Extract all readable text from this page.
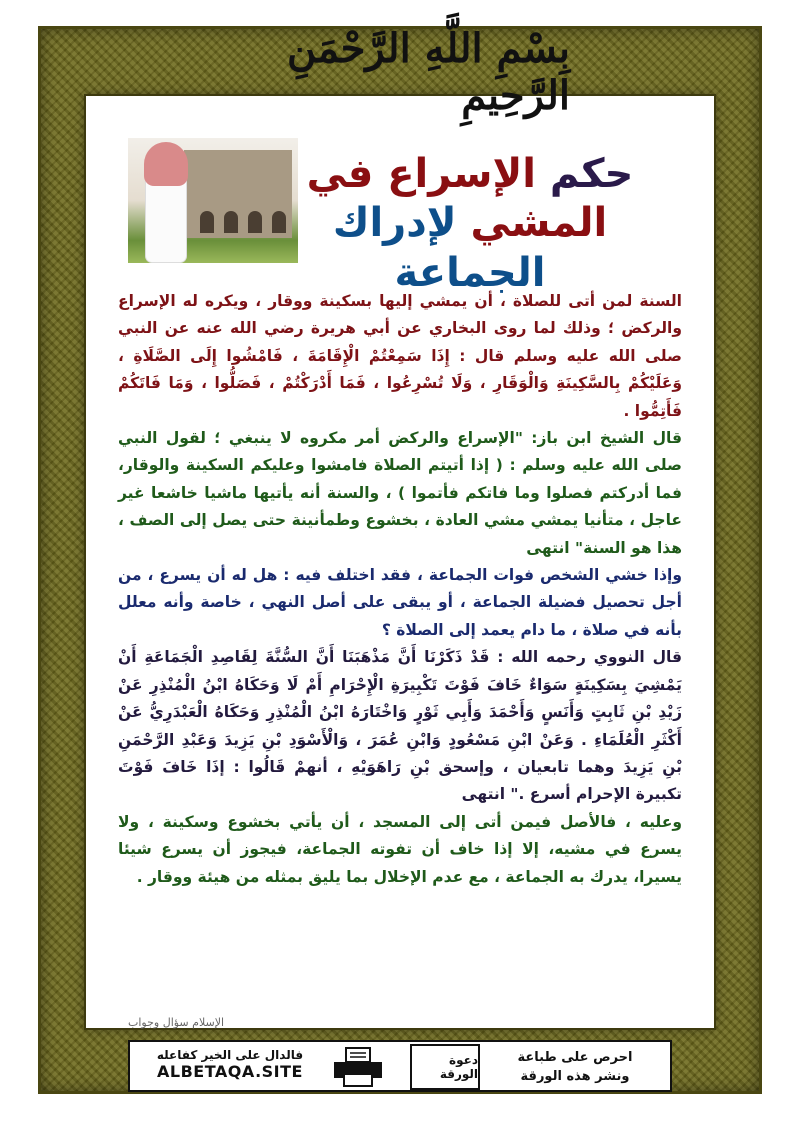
بِسْمِ اللَّهِ الرَّحْمَنِ الرَّحِيمِ
حكم الإسراع في
المشي لإدراك الجماعة

السنة لمن أتى للصلاة ، أن يمشي إليها بسكينة ووقار ، ويكره له الإسراع والركض ؛ وذلك لما روى البخاري عن أبي هريرة رضي الله عنه عن النبي صلى الله عليه وسلم قال : إِذَا سَمِعْتُمْ الْإِقَامَةَ ، فَامْشُوا إِلَى الصَّلَاةِ ، وَعَلَيْكُمْ بِالسَّكِينَةِ وَالْوَقَارِ ، وَلَا تُسْرِعُوا ، فَمَا أَدْرَكْتُمْ ، فَصَلُّوا ، وَمَا فَاتَكُمْ فَأَتِمُّوا .

قال الشيخ ابن باز: "الإسراع والركض أمر مكروه لا ينبغي ؛ لقول النبي صلى الله عليه وسلم : ( إذا أتيتم الصلاة فامشوا وعليكم السكينة والوقار، فما أدركتم فصلوا وما فاتكم فأتموا ) ، والسنة أنه يأتيها ماشيا خاشعا غير عاجل ، متأنيا يمشي مشي العادة ، بخشوع وطمأنينة حتى يصل إلى الصف ، هذا هو السنة" انتهى

وإذا خشي الشخص فوات الجماعة ، فقد اختلف فيه : هل له أن يسرع ، من أجل تحصيل فضيلة الجماعة ، أو يبقى على أصل النهي ، خاصة وأنه معلل بأنه في صلاة ، ما دام يعمد إلى الصلاة ؟

قال النووي رحمه الله : قَدْ ذَكَرْنَا أَنَّ مَذْهَبَنَا أَنَّ السُّنَّةَ لِقَاصِدِ الْجَمَاعَةِ أَنْ يَمْشِيَ بِسَكِينَةٍ سَوَاءٌ خَافَ فَوْتَ تَكْبِيرَةِ الْإِحْرَامِ أَمْ لَا وَحَكَاهُ ابْنُ الْمُنْذِرِ عَنْ زَيْدِ بْنِ ثَابِتٍ وَأَنَسٍ وَأَحْمَدَ وَأَبِي ثَوْرٍ وَاخْتَارَهُ ابْنُ الْمُنْذِرِ وَحَكَاهُ الْعَبْدَرِيُّ عَنْ أَكْثَرِ الْعُلَمَاءِ . وَعَنْ ابْنِ مَسْعُودٍ وَابْنِ عُمَرَ ، وَالْأَسْوَدِ بْنِ يَزِيدَ وَعَبْدِ الرَّحْمَنِ بْنِ يَزِيدَ وهما تابعيان ، وإسحق بْنِ رَاهَوَيْهِ ، أنهمْ قَالُوا : إذَا خَافَ فَوْتَ تكبيرة الإحرام أسرع ." انتهى

وعليه ، فالأصل فيمن أتى إلى المسجد ، أن يأتي بخشوع وسكينة ، ولا يسرع في مشيه، إلا إذا خاف أن تفوته الجماعة، فيجوز أن يسرع شيئا يسيرا، يدرك به الجماعة ، مع عدم الإخلال بما يليق بمثله من هيئة ووقار .

الإسلام سؤال وجواب
فالدال على الخير كفاعله
ALBETAQA.SITE
دعوة الورقة
احرص على طباعة
ونشر هذه الورقة
